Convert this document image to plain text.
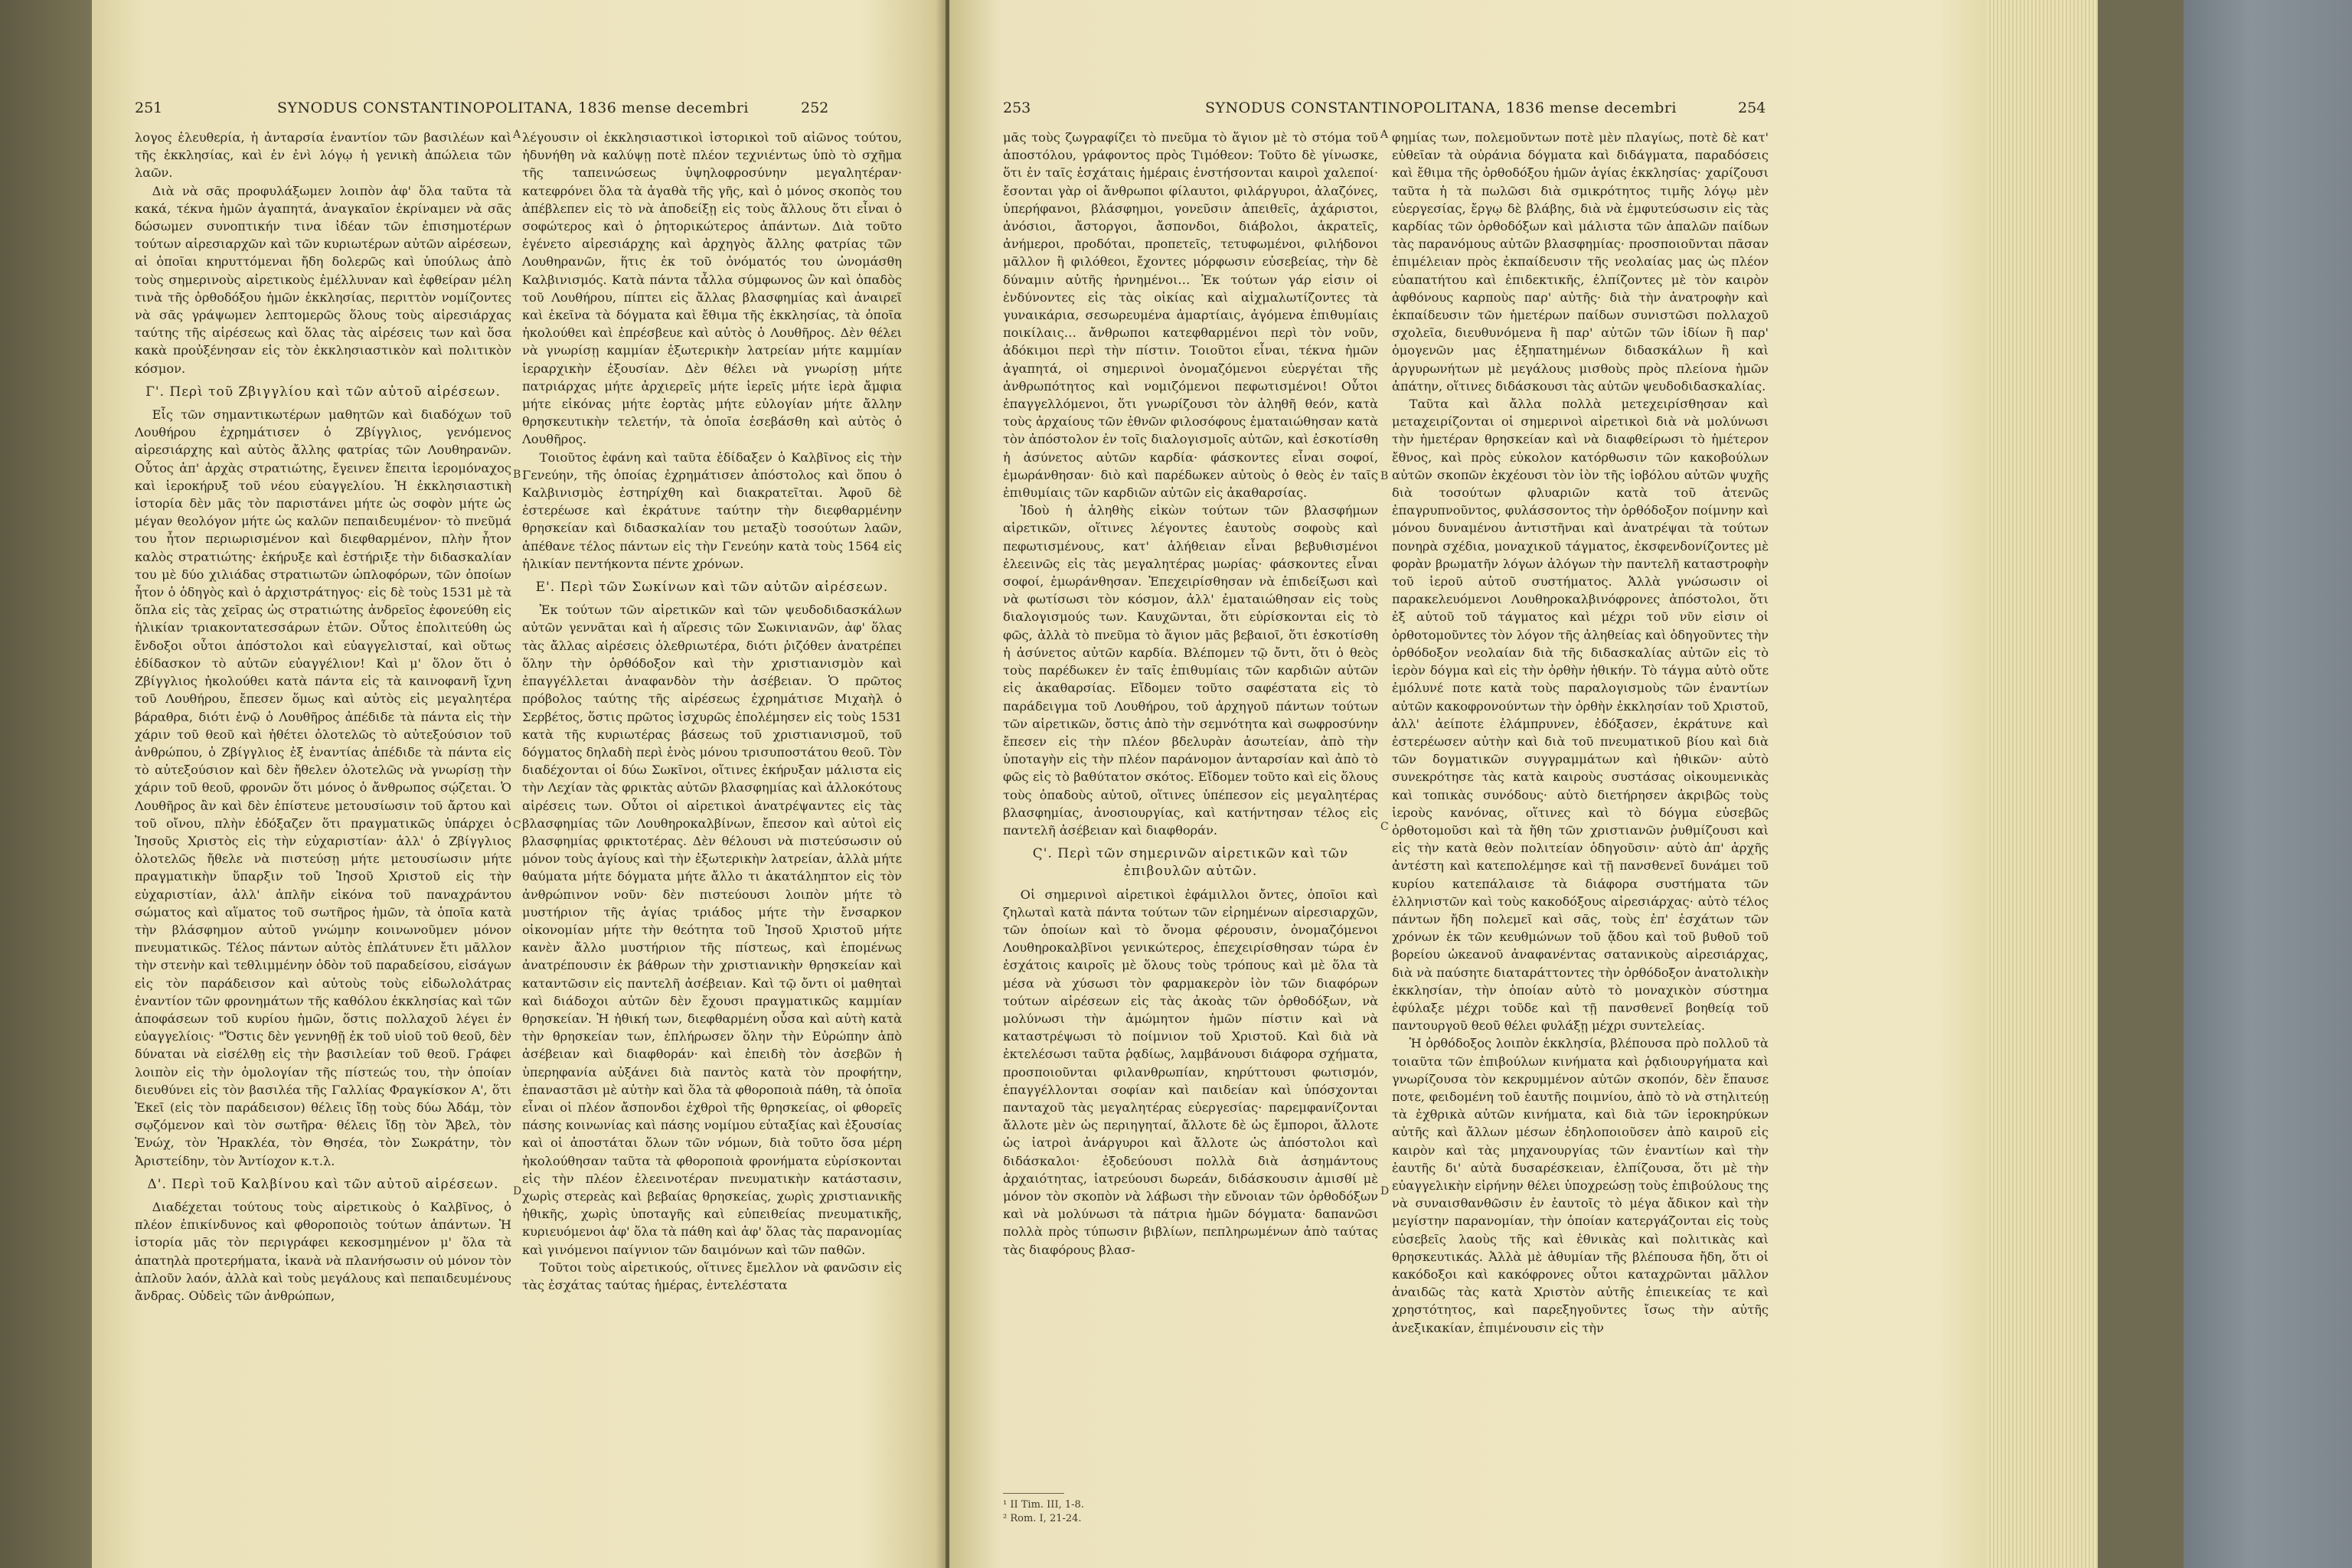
251	SYNODUS CONSTANTINOPOLITANA, 1836 mense decembri	252

λογος ἐλευθερία, ἡ ἀνταρσία ἐναντίον τῶν βασιλέων καὶ τῆς ἐκκλησίας, καὶ ἐν ἑνὶ λόγῳ ἡ γενικὴ ἀπώλεια τῶν λαῶν.

Διὰ νὰ σᾶς προφυλάξωμεν λοιπὸν ἀφ' ὅλα ταῦτα τὰ κακά, τέκνα ἡμῶν ἀγαπητά, ἀναγκαῖον ἐκρίναμεν νὰ σᾶς δώσωμεν συνοπτικήν τινα ἰδέαν τῶν ἐπισημοτέρων τούτων αἱρεσιαρχῶν καὶ τῶν κυριωτέρων αὐτῶν αἱρέσεων, αἱ ὁποῖαι κηρυττόμεναι ἤδη δολερῶς καὶ ὑπούλως ἀπὸ τοὺς σημερινοὺς αἱρετικοὺς ἐμέλλυναν καὶ ἐφθείραν μέλη τινὰ τῆς ὀρθοδόξου ἡμῶν ἐκκλησίας, περιττὸν νομίζοντες νὰ σᾶς γράψωμεν λεπτομερῶς ὅλους τοὺς αἱρεσιάρχας ταύτης τῆς αἱρέσεως καὶ ὅλας τὰς αἱρέσεις των καὶ ὅσα κακὰ προὐξένησαν εἰς τὸν ἐκκλησιαστικὸν καὶ πολιτικὸν κόσμον.

Γ'. Περὶ τοῦ Ζβιγγλίου καὶ τῶν αὐτοῦ αἱρέσεων.

Εἷς τῶν σημαντικωτέρων μαθητῶν καὶ διαδόχων τοῦ Λουθήρου ἐχρημάτισεν ὁ Ζβίγγλιος, γενόμενος αἱρεσιάρχης καὶ αὐτὸς ἄλλης φατρίας τῶν Λουθηρανῶν. Οὗτος ἀπ' ἀρχὰς στρατιώτης, ἔγεινεν ἔπειτα ἱερομόναχος καὶ ἱεροκήρυξ τοῦ νέου εὐαγγελίου. Ἡ ἐκκλησιαστικὴ ἱστορία δὲν μᾶς τὸν παριστάνει μήτε ὡς σοφὸν μήτε ὡς μέγαν θεολόγον μήτε ὡς καλῶν πεπαιδευμένον· τὸ πνεῦμά του ἦτον περιωρισμένον καὶ διεφθαρμένον, πλὴν ἦτον καλὸς στρατιώτης· ἐκήρυξε καὶ ἐστήριξε τὴν διδασκαλίαν του μὲ δύο χιλιάδας στρατιωτῶν ὡπλοφόρων, τῶν ὁποίων ἦτον ὁ ὁδηγὸς καὶ ὁ ἀρχιστράτηγος· εἰς δὲ τοὺς 1531 μὲ τὰ ὅπλα εἰς τὰς χεῖρας ὡς στρατιώτης ἀνδρεῖος ἐφονεύθη εἰς ἡλικίαν τριακοντατεσσάρων ἐτῶν. Οὗτος ἐπολιτεύθη ὡς ἔνδοξοι οὗτοι ἀπόστολοι καὶ εὐαγγελισταί, καὶ οὕτως ἐδίδασκον τὸ αὐτῶν εὐαγγέλιον! Καὶ μ' ὅλον ὅτι ὁ Ζβίγγλιος ἠκολούθει κατὰ πάντα εἰς τὰ καινοφανῆ ἴχνη τοῦ Λουθήρου, ἔπεσεν ὅμως καὶ αὐτὸς εἰς μεγαλητέρα βάραθρα, διότι ἐνῷ ὁ Λουθῆρος ἀπέδιδε τὰ πάντα εἰς τὴν χάριν τοῦ θεοῦ καὶ ἠθέτει ὁλοτελῶς τὸ αὐτεξούσιον τοῦ ἀνθρώπου, ὁ Ζβίγγλιος ἐξ ἐναντίας ἀπέδιδε τὰ πάντα εἰς τὸ αὐτεξούσιον καὶ δὲν ἤθελεν ὁλοτελῶς νὰ γνωρίσῃ τὴν χάριν τοῦ θεοῦ, φρονῶν ὅτι μόνος ὁ ἄνθρωπος σῴζεται. Ὁ Λουθῆρος ἂν καὶ δὲν ἐπίστευε μετουσίωσιν τοῦ ἄρτου καὶ τοῦ οἴνου, πλὴν ἐδόξαζεν ὅτι πραγματικῶς ὑπάρχει ὁ Ἰησοῦς Χριστὸς εἰς τὴν εὐχαριστίαν· ἀλλ' ὁ Ζβίγγλιος ὁλοτελῶς ἤθελε νὰ πιστεύσῃ μήτε μετουσίωσιν μήτε πραγματικὴν ὕπαρξιν τοῦ Ἰησοῦ Χριστοῦ εἰς τὴν εὐχαριστίαν, ἀλλ' ἁπλῆν εἰκόνα τοῦ παναχράντου σώματος καὶ αἵματος τοῦ σωτῆρος ἡμῶν, τὰ ὁποῖα κατὰ τὴν βλάσφημον αὐτοῦ γνώμην κοινωνοῦμεν μόνον πνευματικῶς. Τέλος πάντων αὐτὸς ἐπλάτυνεν ἔτι μᾶλλον τὴν στενὴν καὶ τεθλιμμένην ὁδὸν τοῦ παραδείσου, εἰσάγων εἰς τὸν παράδεισον καὶ αὐτοὺς τοὺς εἰδωλολάτρας ἐναντίον τῶν φρονημάτων τῆς καθόλου ἐκκλησίας καὶ τῶν ἀποφάσεων τοῦ κυρίου ἡμῶν, ὅστις πολλαχοῦ λέγει ἐν εὐαγγελίοις· "Ὅστις δὲν γεννηθῇ ἐκ τοῦ υἱοῦ τοῦ θεοῦ, δὲν δύναται νὰ εἰσέλθῃ εἰς τὴν βασιλείαν τοῦ θεοῦ. Γράφει λοιπὸν εἰς τὴν ὁμολογίαν τῆς πίστεώς του, τὴν ὁποίαν διευθύνει εἰς τὸν βασιλέα τῆς Γαλλίας Φραγκίσκον Α', ὅτι Ἐκεῖ (εἰς τὸν παράδεισον) θέλεις ἴδῃ τοὺς δύω Ἀδάμ, τὸν σῳζόμενον καὶ τὸν σωτῆρα· θέλεις ἴδῃ τὸν Ἄβελ, τὸν Ἐνώχ, τὸν Ἡρακλέα, τὸν Θησέα, τὸν Σωκράτην, τὸν Ἀριστείδην, τὸν Ἀντίοχον κ.τ.λ.

Δ'. Περὶ τοῦ Καλβίνου καὶ τῶν αὐτοῦ αἱρέσεων.

Διαδέχεται τούτους τοὺς αἱρετικοὺς ὁ Καλβῖνος, ὁ πλέον ἐπικίνδυνος καὶ φθοροποιὸς τούτων ἁπάντων. Ἡ ἱστορία μᾶς τὸν περιγράφει κεκοσμημένον μ' ὅλα τὰ ἀπατηλὰ προτερήματα, ἱκανὰ νὰ πλανήσωσιν οὐ μόνον τὸν ἁπλοῦν λαόν, ἀλλὰ καὶ τοὺς μεγάλους καὶ πεπαιδευμένους ἄνδρας. Οὐδεὶς τῶν ἀνθρώπων,

λέγουσιν οἱ ἐκκλησιαστικοὶ ἱστορικοὶ τοῦ αἰῶνος τούτου, ἠδυνήθη νὰ καλύψῃ ποτὲ πλέον τεχνιέντως ὑπὸ τὸ σχῆμα τῆς ταπεινώσεως ὑψηλοφροσύνην μεγαλητέραν· κατεφρόνει ὅλα τὰ ἀγαθὰ τῆς γῆς, καὶ ὁ μόνος σκοπὸς του ἀπέβλεπεν εἰς τὸ νὰ ἀποδείξῃ εἰς τοὺς ἄλλους ὅτι εἶναι ὁ σοφώτερος καὶ ὁ ῥητορικώτερος ἁπάντων. Διὰ τοῦτο ἐγένετο αἱρεσιάρχης καὶ ἀρχηγὸς ἄλλης φατρίας τῶν Λουθηρανῶν, ἥτις ἐκ τοῦ ὀνόματός του ὠνομάσθη Καλβινισμός. Κατὰ πάντα τἆλλα σύμφωνος ὢν καὶ ὁπαδὸς τοῦ Λουθήρου, πίπτει εἰς ἄλλας βλασφημίας καὶ ἀναιρεῖ καὶ ἐκεῖνα τὰ δόγματα καὶ ἔθιμα τῆς ἐκκλησίας, τὰ ὁποῖα ἠκολούθει καὶ ἐπρέσβευε καὶ αὐτὸς ὁ Λουθῆρος. Δὲν θέλει νὰ γνωρίσῃ καμμίαν ἐξωτερικὴν λατρείαν μήτε καμμίαν ἱεραρχικὴν ἐξουσίαν. Δὲν θέλει νὰ γνωρίσῃ μήτε πατριάρχας μήτε ἀρχιερεῖς μήτε ἱερεῖς μήτε ἱερὰ ἄμφια μήτε εἰκόνας μήτε ἑορτὰς μήτε εὐλογίαν μήτε ἄλλην θρησκευτικὴν τελετήν, τὰ ὁποῖα ἐσεβάσθη καὶ αὐτὸς ὁ Λουθῆρος.

Τοιοῦτος ἐφάνη καὶ ταῦτα ἐδίδαξεν ὁ Καλβῖνος εἰς τὴν Γενεύην, τῆς ὁποίας ἐχρημάτισεν ἀπόστολος καὶ ὅπου ὁ Καλβινισμὸς ἐστηρίχθη καὶ διακρατεῖται. Ἀφοῦ δὲ ἐστερέωσε καὶ ἐκράτυνε ταύτην τὴν διεφθαρμένην θρησκείαν καὶ διδασκαλίαν του μεταξὺ τοσούτων λαῶν, ἀπέθανε τέλος πάντων εἰς τὴν Γενεύην κατὰ τοὺς 1564 εἰς ἡλικίαν πεντήκοντα πέντε χρόνων.

Ε'. Περὶ τῶν Σωκίνων καὶ τῶν αὐτῶν αἱρέσεων.

Ἐκ τούτων τῶν αἱρετικῶν καὶ τῶν ψευδοδιδασκάλων αὐτῶν γεννᾶται καὶ ἡ αἵρεσις τῶν Σωκινιανῶν, ἀφ' ὅλας τὰς ἄλλας αἱρέσεις ὀλεθριωτέρα, διότι ῥιζόθεν ἀνατρέπει ὅλην τὴν ὀρθόδοξον καὶ τὴν χριστιανισμὸν καὶ ἐπαγγέλλεται ἀναφανδὸν τὴν ἀσέβειαν. Ὁ πρῶτος πρόβολος ταύτης τῆς αἱρέσεως ἐχρημάτισε Μιχαὴλ ὁ Σερβέτος, ὅστις πρῶτος ἰσχυρῶς ἐπολέμησεν εἰς τοὺς 1531 κατὰ τῆς κυριωτέρας βάσεως τοῦ χριστιανισμοῦ, τοῦ δόγματος δηλαδὴ περὶ ἑνὸς μόνου τρισυποστάτου θεοῦ. Τὸν διαδέχονται οἱ δύω Σωκῖνοι, οἵτινες ἐκήρυξαν μάλιστα εἰς τὴν Λεχίαν τὰς φρικτὰς αὐτῶν βλασφημίας καὶ ἀλλοκότους αἱρέσεις των. Οὗτοι οἱ αἱρετικοὶ ἀνατρέψαντες εἰς τὰς βλασφημίας τῶν Λουθηροκαλβίνων, ἔπεσον καὶ αὐτοὶ εἰς βλασφημίας φρικτοτέρας. Δὲν θέλουσι νὰ πιστεύσωσιν οὐ μόνον τοὺς ἁγίους καὶ τὴν ἐξωτερικὴν λατρείαν, ἀλλὰ μήτε θαύματα μήτε δόγματα μήτε ἄλλο τι ἀκατάληπτον εἰς τὸν ἀνθρώπινον νοῦν· δὲν πιστεύουσι λοιπὸν μήτε τὸ μυστήριον τῆς ἁγίας τριάδος μήτε τὴν ἔνσαρκον οἰκονομίαν μήτε τὴν θεότητα τοῦ Ἰησοῦ Χριστοῦ μήτε κανὲν ἄλλο μυστήριον τῆς πίστεως, καὶ ἑπομένως ἀνατρέπουσιν ἐκ βάθρων τὴν χριστιανικὴν θρησκείαν καὶ καταντῶσιν εἰς παντελῆ ἀσέβειαν. Καὶ τῷ ὄντι οἱ μαθηταὶ καὶ διάδοχοι αὐτῶν δὲν ἔχουσι πραγματικῶς καμμίαν θρησκείαν. Ἡ ἠθική των, διεφθαρμένη οὖσα καὶ αὐτὴ κατὰ τὴν θρησκείαν των, ἐπλήρωσεν ὅλην τὴν Εὐρώπην ἀπὸ ἀσέβειαν καὶ διαφθοράν· καὶ ἐπειδὴ τὸν ἀσεβῶν ἡ ὑπερηφανία αὐξάνει διὰ παντὸς κατὰ τὸν προφήτην, ἐπαναστᾶσι μὲ αὐτὴν καὶ ὅλα τὰ φθοροποιὰ πάθη, τὰ ὁποῖα εἶναι οἱ πλέον ἄσπονδοι ἐχθροὶ τῆς θρησκείας, οἱ φθορεῖς πάσης κοινωνίας καὶ πάσης νομίμου εὐταξίας καὶ ἐξουσίας καὶ οἱ ἀποστάται ὅλων τῶν νόμων, διὰ τοῦτο ὅσα μέρη ἠκολούθησαν ταῦτα τὰ φθοροποιὰ φρονήματα εὑρίσκονται εἰς τὴν πλέον ἐλεεινοτέραν πνευματικὴν κατάστασιν, χωρὶς στερεὰς καὶ βεβαίας θρησκείας, χωρὶς χριστιανικῆς ἠθικῆς, χωρὶς ὑποταγῆς καὶ εὐπειθείας πνευματικῆς, κυριευόμενοι ἀφ' ὅλα τὰ πάθη καὶ ἀφ' ὅλας τὰς παρανομίας καὶ γινόμενοι παίγνιον τῶν δαιμόνων καὶ τῶν παθῶν.

Τοῦτοι τοὺς αἱρετικούς, οἵτινες ἔμελλον νὰ φανῶσιν εἰς τὰς ἐσχάτας ταύτας ἡμέρας, ἐντελέστατα

A
B
C
D
253	SYNODUS CONSTANTINOPOLITANA, 1836 mense decembri	254

μᾶς τοὺς ζωγραφίζει τὸ πνεῦμα τὸ ἅγιον μὲ τὸ στόμα τοῦ ἀποστόλου, γράφοντος πρὸς Τιμόθεον: Τοῦτο δὲ γίνωσκε, ὅτι ἐν ταῖς ἐσχάταις ἡμέραις ἐνστήσονται καιροὶ χαλεποί· ἔσονται γὰρ οἱ ἄνθρωποι φίλαυτοι, φιλάργυροι, ἀλαζόνες, ὑπερήφανοι, βλάσφημοι, γονεῦσιν ἀπειθεῖς, ἀχάριστοι, ἀνόσιοι, ἄστοργοι, ἄσπονδοι, διάβολοι, ἀκρατεῖς, ἀνήμεροι, προδόται, προπετεῖς, τετυφωμένοι, φιλήδονοι μᾶλλον ἢ φιλόθεοι, ἔχοντες μόρφωσιν εὐσεβείας, τὴν δὲ δύναμιν αὐτῆς ἠρνημένοι… Ἐκ τούτων γάρ εἰσιν οἱ ἐνδύνοντες εἰς τὰς οἰκίας καὶ αἰχμαλωτίζοντες τὰ γυναικάρια, σεσωρευμένα ἁμαρτίαις, ἀγόμενα ἐπιθυμίαις ποικίλαις… ἄνθρωποι κατεφθαρμένοι περὶ τὸν νοῦν, ἀδόκιμοι περὶ τὴν πίστιν. Τοιοῦτοι εἶναι, τέκνα ἡμῶν ἀγαπητά, οἱ σημερινοὶ ὀνομαζόμενοι εὐεργέται τῆς ἀνθρωπότητος καὶ νομιζόμενοι πεφωτισμένοι! Οὗτοι ἐπαγγελλόμενοι, ὅτι γνωρίζουσι τὸν ἀληθῆ θεόν, κατὰ τοὺς ἀρχαίους τῶν ἐθνῶν φιλοσόφους ἐματαιώθησαν κατὰ τὸν ἀπόστολον ἐν τοῖς διαλογισμοῖς αὐτῶν, καὶ ἐσκοτίσθη ἡ ἀσύνετος αὐτῶν καρδία· φάσκοντες εἶναι σοφοί, ἐμωράνθησαν· διὸ καὶ παρέδωκεν αὐτοὺς ὁ θεὸς ἐν ταῖς ἐπιθυμίαις τῶν καρδιῶν αὐτῶν εἰς ἀκαθαρσίας.

Ἰδοὺ ἡ ἀληθὴς εἰκὼν τούτων τῶν βλασφήμων αἱρετικῶν, οἵτινες λέγοντες ἑαυτοὺς σοφοὺς καὶ πεφωτισμένους, κατ' ἀλήθειαν εἶναι βεβυθισμένοι ἐλεεινῶς εἰς τὰς μεγαλητέρας μωρίας· φάσκοντες εἶναι σοφοί, ἐμωράνθησαν. Ἐπεχειρίσθησαν νὰ ἐπιδείξωσι καὶ νὰ φωτίσωσι τὸν κόσμον, ἀλλ' ἐματαιώθησαν εἰς τοὺς διαλογισμούς των. Καυχῶνται, ὅτι εὑρίσκονται εἰς τὸ φῶς, ἀλλὰ τὸ πνεῦμα τὸ ἅγιον μᾶς βεβαιοῖ, ὅτι ἐσκοτίσθη ἡ ἀσύνετος αὐτῶν καρδία. Βλέπομεν τῷ ὄντι, ὅτι ὁ θεὸς τοὺς παρέδωκεν ἐν ταῖς ἐπιθυμίαις τῶν καρδιῶν αὐτῶν εἰς ἀκαθαρσίας. Εἴδομεν τοῦτο σαφέστατα εἰς τὸ παράδειγμα τοῦ Λουθήρου, τοῦ ἀρχηγοῦ πάντων τούτων τῶν αἱρετικῶν, ὅστις ἀπὸ τὴν σεμνότητα καὶ σωφροσύνην ἔπεσεν εἰς τὴν πλέον βδελυρὰν ἀσωτείαν, ἀπὸ τὴν ὑποταγὴν εἰς τὴν πλέον παράνομον ἀνταρσίαν καὶ ἀπὸ τὸ φῶς εἰς τὸ βαθύτατον σκότος. Εἴδομεν τοῦτο καὶ εἰς ὅλους τοὺς ὀπαδοὺς αὐτοῦ, οἵτινες ὑπέπεσον εἰς μεγαλητέρας βλασφημίας, ἀνοσιουργίας, καὶ κατήντησαν τέλος εἰς παντελῆ ἀσέβειαν καὶ διαφθοράν.

Ϛ'. Περὶ τῶν σημερινῶν αἱρετικῶν καὶ τῶν ἐπιβουλῶν αὐτῶν.

Οἱ σημερινοὶ αἱρετικοὶ ἐφάμιλλοι ὄντες, ὁποῖοι καὶ ζηλωταὶ κατὰ πάντα τούτων τῶν εἰρημένων αἱρεσιαρχῶν, τῶν ὁποίων καὶ τὸ ὄνομα φέρουσιν, ὀνομαζόμενοι Λουθηροκαλβῖνοι γενικώτερος, ἐπεχειρίσθησαν τώρα ἐν ἐσχάτοις καιροῖς μὲ ὅλους τοὺς τρόπους καὶ μὲ ὅλα τὰ μέσα νὰ χύσωσι τὸν φαρμακερὸν ἰὸν τῶν διαφόρων τούτων αἱρέσεων εἰς τὰς ἀκοὰς τῶν ὀρθοδόξων, νὰ μολύνωσι τὴν ἀμώμητον ἡμῶν πίστιν καὶ νὰ καταστρέψωσι τὸ ποίμνιον τοῦ Χριστοῦ. Καὶ διὰ νὰ ἐκτελέσωσι ταῦτα ῥᾳδίως, λαμβάνουσι διάφορα σχήματα, προσποιοῦνται φιλανθρωπίαν, κηρύττουσι φωτισμόν, ἐπαγγέλλονται σοφίαν καὶ παιδείαν καὶ ὑπόσχονται πανταχοῦ τὰς μεγαλητέρας εὐεργεσίας· παρεμφανίζονται ἄλλοτε μὲν ὡς περιηγηταί, ἄλλοτε δὲ ὡς ἔμποροι, ἄλλοτε ὡς ἰατροὶ ἀνάργυροι καὶ ἄλλοτε ὡς ἀπόστολοι καὶ διδάσκαλοι· ἐξοδεύουσι πολλὰ διὰ ἀσημάντους ἀρχαιότητας, ἰατρεύουσι δωρεάν, διδάσκουσιν ἀμισθί μὲ μόνον τὸν σκοπὸν νὰ λάβωσι τὴν εὔνοιαν τῶν ὀρθοδόξων καὶ νὰ μολύνωσι τὰ πάτρια ἡμῶν δόγματα· δαπανῶσι πολλὰ πρὸς τύπωσιν βιβλίων, πεπληρωμένων ἀπὸ ταύτας τὰς διαφόρους βλασ-

φημίας των, πολεμοῦντων ποτὲ μὲν πλαγίως, ποτὲ δὲ κατ' εὐθεῖαν τὰ οὐράνια δόγματα καὶ διδάγματα, παραδόσεις καὶ ἔθιμα τῆς ὀρθοδόξου ἡμῶν ἁγίας ἐκκλησίας· χαρίζουσι ταῦτα ἡ τὰ πωλῶσι διὰ σμικρότητος τιμῆς λόγῳ μὲν εὐεργεσίας, ἔργῳ δὲ βλάβης, διὰ νὰ ἐμφυτεύσωσιν εἰς τὰς καρδίας τῶν ὀρθοδόξων καὶ μάλιστα τῶν ἁπαλῶν παίδων τὰς παρανόμους αὐτῶν βλασφημίας· προσποιοῦνται πᾶσαν ἐπιμέλειαν πρὸς ἐκπαίδευσιν τῆς νεολαίας μας ὡς πλέον εὐαπατήτου καὶ ἐπιδεκτικῆς, ἐλπίζοντες μὲ τὸν καιρὸν ἀφθόνους καρποὺς παρ' αὐτῆς· διὰ τὴν ἀνατροφὴν καὶ ἐκπαίδευσιν τῶν ἡμετέρων παίδων συνιστῶσι πολλαχοῦ σχολεῖα, διευθυνόμενα ἢ παρ' αὐτῶν τῶν ἰδίων ἢ παρ' ὁμογενῶν μας ἐξηπατημένων διδασκάλων ἢ καὶ ἀργυρωνήτων μὲ μεγάλους μισθοὺς πρὸς πλείονα ἡμῶν ἀπάτην, οἵτινες διδάσκουσι τὰς αὐτῶν ψευδοδιδασκαλίας.

Ταῦτα καὶ ἄλλα πολλὰ μετεχειρίσθησαν καὶ μεταχειρίζονται οἱ σημερινοὶ αἱρετικοὶ διὰ νὰ μολύνωσι τὴν ἡμετέραν θρησκείαν καὶ νὰ διαφθείρωσι τὸ ἡμέτερον ἔθνος, καὶ πρὸς εὐκολον κατόρθωσιν τῶν κακοβούλων αὐτῶν σκοπῶν ἐκχέουσι τὸν ἰὸν τῆς ἰοβόλου αὐτῶν ψυχῆς διὰ τοσούτων φλυαριῶν κατὰ τοῦ ἀτενῶς ἐπαγρυπνοῦντος, φυλάσσοντος τὴν ὀρθόδοξον ποίμνην καὶ μόνου δυναμένου ἀντιστῆναι καὶ ἀνατρέψαι τὰ τούτων πονηρὰ σχέδια, μοναχικοῦ τάγματος, ἐκσφενδονίζοντες μὲ φορὰν βρωματῆν λόγων ἀλόγων τὴν παντελῆ καταστροφὴν τοῦ ἱεροῦ αὐτοῦ συστήματος. Ἀλλὰ γνώσωσιν οἱ παρακελευόμενοι Λουθηροκαλβινόφρονες ἀπόστολοι, ὅτι ἐξ αὐτοῦ τοῦ τάγματος καὶ μέχρι τοῦ νῦν εἰσιν οἱ ὀρθοτομοῦντες τὸν λόγον τῆς ἀληθείας καὶ ὁδηγοῦντες τὴν ὀρθόδοξον νεολαίαν διὰ τῆς διδασκαλίας αὐτῶν εἰς τὸ ἱερὸν δόγμα καὶ εἰς τὴν ὀρθὴν ἠθικήν. Τὸ τάγμα αὐτὸ οὔτε ἐμόλυνέ ποτε κατὰ τοὺς παραλογισμοὺς τῶν ἐναντίων αὐτῶν κακοφρονούντων τὴν ὀρθὴν ἐκκλησίαν τοῦ Χριστοῦ, ἀλλ' ἀείποτε ἐλάμπρυνεν, ἐδόξασεν, ἐκράτυνε καὶ ἐστερέωσεν αὐτὴν καὶ διὰ τοῦ πνευματικοῦ βίου καὶ διὰ τῶν δογματικῶν συγγραμμάτων καὶ ἠθικῶν· αὐτὸ συνεκρότησε τὰς κατὰ καιροὺς συστάσας οἰκουμενικὰς καὶ τοπικὰς συνόδους· αὐτὸ διετήρησεν ἀκριβῶς τοὺς ἱεροὺς κανόνας, οἵτινες καὶ τὸ δόγμα εὐσεβῶς ὀρθοτομοῦσι καὶ τὰ ἤθη τῶν χριστιανῶν ῥυθμίζουσι καὶ εἰς τὴν κατὰ θεὸν πολιτείαν ὁδηγοῦσιν· αὐτὸ ἀπ' ἀρχῆς ἀντέστη καὶ κατεπολέμησε καὶ τῇ πανσθενεῖ δυνάμει τοῦ κυρίου κατεπάλαισε τὰ διάφορα συστήματα τῶν ἑλληνιστῶν καὶ τοὺς κακοδόξους αἱρεσιάρχας· αὐτὸ τέλος πάντων ἤδη πολεμεῖ καὶ σᾶς, τοὺς ἐπ' ἐσχάτων τῶν χρόνων ἐκ τῶν κευθμώνων τοῦ ᾅδου καὶ τοῦ βυθοῦ τοῦ βορείου ὠκεανοῦ ἀναφανέντας σατανικοὺς αἱρεσιάρχας, διὰ νὰ παύσητε διαταράττοντες τὴν ὀρθόδοξον ἀνατολικὴν ἐκκλησίαν, τὴν ὁποίαν αὐτὸ τὸ μοναχικὸν σύστημα ἐφύλαξε μέχρι τοῦδε καὶ τῇ πανσθενεῖ βοηθείᾳ τοῦ παντουργοῦ θεοῦ θέλει φυλάξῃ μέχρι συντελείας.

Ἡ ὀρθόδοξος λοιπὸν ἐκκλησία, βλέπουσα πρὸ πολλοῦ τὰ τοιαῦτα τῶν ἐπιβούλων κινήματα καὶ ῥᾳδιουργήματα καὶ γνωρίζουσα τὸν κεκρυμμένον αὐτῶν σκοπόν, δὲν ἔπαυσε ποτε, φειδομένη τοῦ ἑαυτῆς ποιμνίου, ἀπὸ τὸ νὰ στηλιτεύῃ τὰ ἐχθρικὰ αὐτῶν κινήματα, καὶ διὰ τῶν ἱεροκηρύκων αὐτῆς καὶ ἄλλων μέσων ἐδηλοποιοῦσεν ἀπὸ καιροῦ εἰς καιρὸν καὶ τὰς μηχανουργίας τῶν ἐναντίων καὶ τὴν ἑαυτῆς δι' αὐτὰ δυσαρέσκειαν, ἐλπίζουσα, ὅτι μὲ τὴν εὐαγγελικὴν εἰρήνην θέλει ὑποχρεώσῃ τοὺς ἐπιβούλους της νὰ συναισθανθῶσιν ἐν ἑαυτοῖς τὸ μέγα ἄδικον καὶ τὴν μεγίστην παρανομίαν, τὴν ὁποίαν κατεργάζονται εἰς τοὺς εὐσεβεῖς λαοὺς τῆς καὶ ἐθνικὰς καὶ πολιτικὰς καὶ θρησκευτικάς. Ἀλλὰ μὲ ἀθυμίαν τῆς βλέπουσα ἤδη, ὅτι οἱ κακόδοξοι καὶ κακόφρονες οὗτοι καταχρῶνται μᾶλλον ἀναιδῶς τὰς κατὰ Χριστὸν αὐτῆς ἐπιεικείας τε καὶ χρηστότητος, καὶ παρεξηγοῦντες ἴσως τὴν αὐτῆς ἀνεξικακίαν, ἐπιμένουσιν εἰς τὴν

A
B
C
D
¹ II Tim. III, 1-8.
² Rom. I, 21-24.
